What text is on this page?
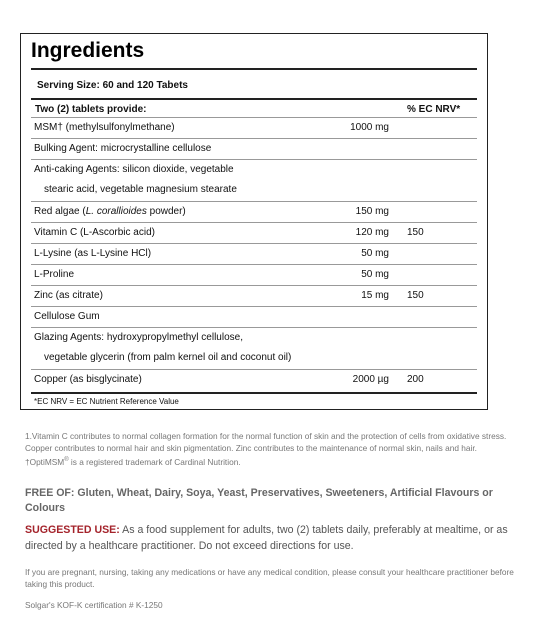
Ingredients
Serving Size: 60 and 120 Tabets
Two (2) tablets provide:	% EC NRV*
MSM† (methylsulfonylmethane)	1000 mg
Bulking Agent: microcrystalline cellulose
Anti-caking Agents: silicon dioxide, vegetable
stearic acid, vegetable magnesium stearate
Red algae (L. corallioides powder)	150 mg
Vitamin C (L-Ascorbic acid)	120 mg 150
L-Lysine (as L-Lysine HCl)	50 mg
L-Proline	50 mg
Zinc (as citrate)	15 mg 150
Cellulose Gum
Glazing Agents: hydroxypropylmethyl cellulose,
vegetable glycerin (from palm kernel oil and coconut oil)
Copper (as bisglycinate)	2000 µg 200
*EC NRV = EC Nutrient Reference Value
1.Vitamin C contributes to normal collagen formation for the normal function of skin and the protection of cells from oxidative stress. Copper contributes to normal hair and skin pigmentation. Zinc contributes to the maintenance of normal skin, nails and hair. †OptiMSM® is a registered trademark of Cardinal Nutrition.
FREE OF: Gluten, Wheat, Dairy, Soya, Yeast, Preservatives, Sweeteners, Artificial Flavours or Colours
SUGGESTED USE: As a food supplement for adults, two (2) tablets daily, preferably at mealtime, or as directed by a healthcare practitioner. Do not exceed directions for use.
If you are pregnant, nursing, taking any medications or have any medical condition, please consult your healthcare practitioner before taking this product.
Solgar's KOF-K certification # K-1250
